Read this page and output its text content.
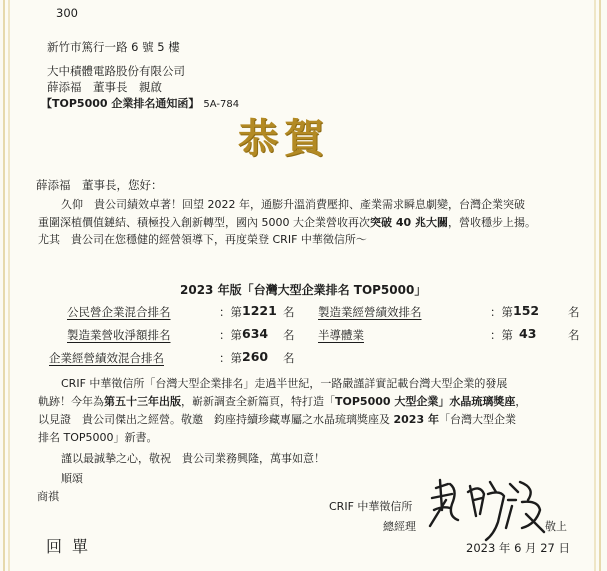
300
新竹市篤行一路 6 號 5 樓
大中積體電路股份有限公司
薛添福　董事長　親啟
【TOP5000 企業排名通知函】 5A-784
恭賀
薛添福　董事長，您好：
久仰　貴公司績效卓著！回望 2022 年，通膨升溫消費壓抑、產業需求瞬息劇變，台灣企業突破
重圍深植價值鏈結、積極投入創新轉型，國內 5000 大企業營收再次突破 40 兆大關，營收穩步上揚。
尤其　貴公司在您穩健的經營領導下，再度榮登 CRIF 中華徵信所～
2023 年版「台灣大型企業排名 TOP5000」
公民營企業混合排名	：第 1221 名 製造業經營績效排名	：第 152	名
製造業營收淨額排名	：第 634 名 半導體業	：第 43	名
企業經營績效混合排名	：第 260 名
CRIF 中華徵信所「台灣大型企業排名」走過半世紀，一路嚴謹詳實記載台灣大型企業的發展
軌跡！今年為第五十三年出版，嶄新調查全新篇頁，特打造「TOP5000 大型企業」水晶琉璃獎座，
以見證　貴公司傑出之經營。敬邀　鈞座持續珍藏專屬之水晶琉璃獎座及 2023 年「台灣大型企業
排名 TOP5000」新書。
謹以最誠摯之心，敬祝　貴公司業務興隆，萬事如意！
順頌
商祺
CRIF 中華徵信所
總經理	敬上
2023 年 6 月 27 日
回單
